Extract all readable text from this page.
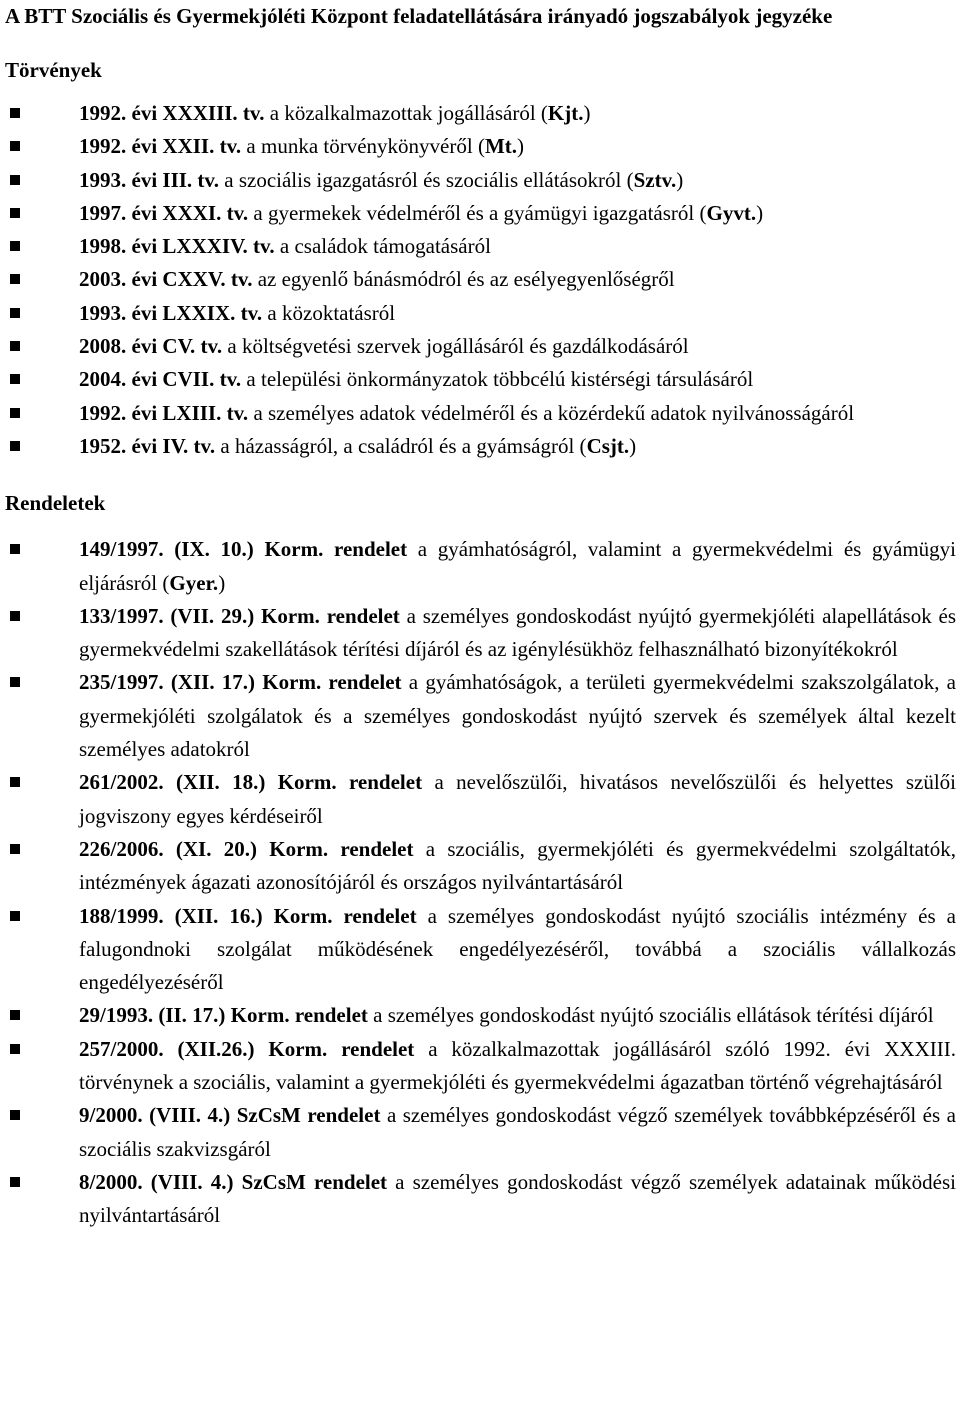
A BTT Szociális és Gyermekjóléti Központ feladatellátására irányadó jogszabályok jegyzéke
Törvények
1992. évi XXXIII. tv. a közalkalmazottak jogállásáról (Kjt.)
1992. évi XXII. tv. a munka törvénykönyvéről (Mt.)
1993. évi III. tv. a szociális igazgatásról és szociális ellátásokról (Sztv.)
1997. évi XXXI. tv. a gyermekek védelméről és a gyámügyi igazgatásról (Gyvt.)
1998. évi LXXXIV. tv. a családok támogatásáról
2003. évi CXXV. tv. az egyenlő bánásmódról és az esélyegyenlőségről
1993. évi LXXIX. tv. a közoktatásról
2008. évi CV. tv. a költségvetési szervek jogállásáról és gazdálkodásáról
2004. évi CVII. tv. a települési önkormányzatok többcélú kistérségi társulásáról
1992. évi LXIII. tv. a személyes adatok védelméről és a közérdekű adatok nyilvánosságáról
1952. évi IV. tv. a házasságról, a családról és a gyámságról (Csjt.)
Rendeletek
149/1997. (IX. 10.) Korm. rendelet a gyámhatóságról, valamint a gyermekvédelmi és gyámügyi eljárásról (Gyer.)
133/1997. (VII. 29.) Korm. rendelet a személyes gondoskodást nyújtó gyermekjóléti alapellátások és gyermekvédelmi szakellátások térítési díjáról és az igénylésükhöz felhasználható bizonyítékokról
235/1997. (XII. 17.) Korm. rendelet a gyámhatóságok, a területi gyermekvédelmi szakszolgálatok, a gyermekjóléti szolgálatok és a személyes gondoskodást nyújtó szervek és személyek által kezelt személyes adatokról
261/2002. (XII. 18.) Korm. rendelet a nevelőszülői, hivatásos nevelőszülői és helyettes szülői jogviszony egyes kérdéseiről
226/2006. (XI. 20.) Korm. rendelet a szociális, gyermekjóléti és gyermekvédelmi szolgáltatók, intézmények ágazati azonosítójáról és országos nyilvántartásáról
188/1999. (XII. 16.) Korm. rendelet a személyes gondoskodást nyújtó szociális intézmény és a falugondnoki szolgálat működésének engedélyezéséről, továbbá a szociális vállalkozás engedélyezéséről
29/1993. (II. 17.) Korm. rendelet a személyes gondoskodást nyújtó szociális ellátások térítési díjáról
257/2000. (XII.26.) Korm. rendelet a közalkalmazottak jogállásáról szóló 1992. évi XXXIII. törvénynek a szociális, valamint a gyermekjóléti és gyermekvédelmi ágazatban történő végrehajtásáról
9/2000. (VIII. 4.) SzCsM rendelet a személyes gondoskodást végző személyek továbbképzéséről és a szociális szakvizsgáról
8/2000. (VIII. 4.) SzCsM rendelet a személyes gondoskodást végző személyek adatainak működési nyilvántartásáról
